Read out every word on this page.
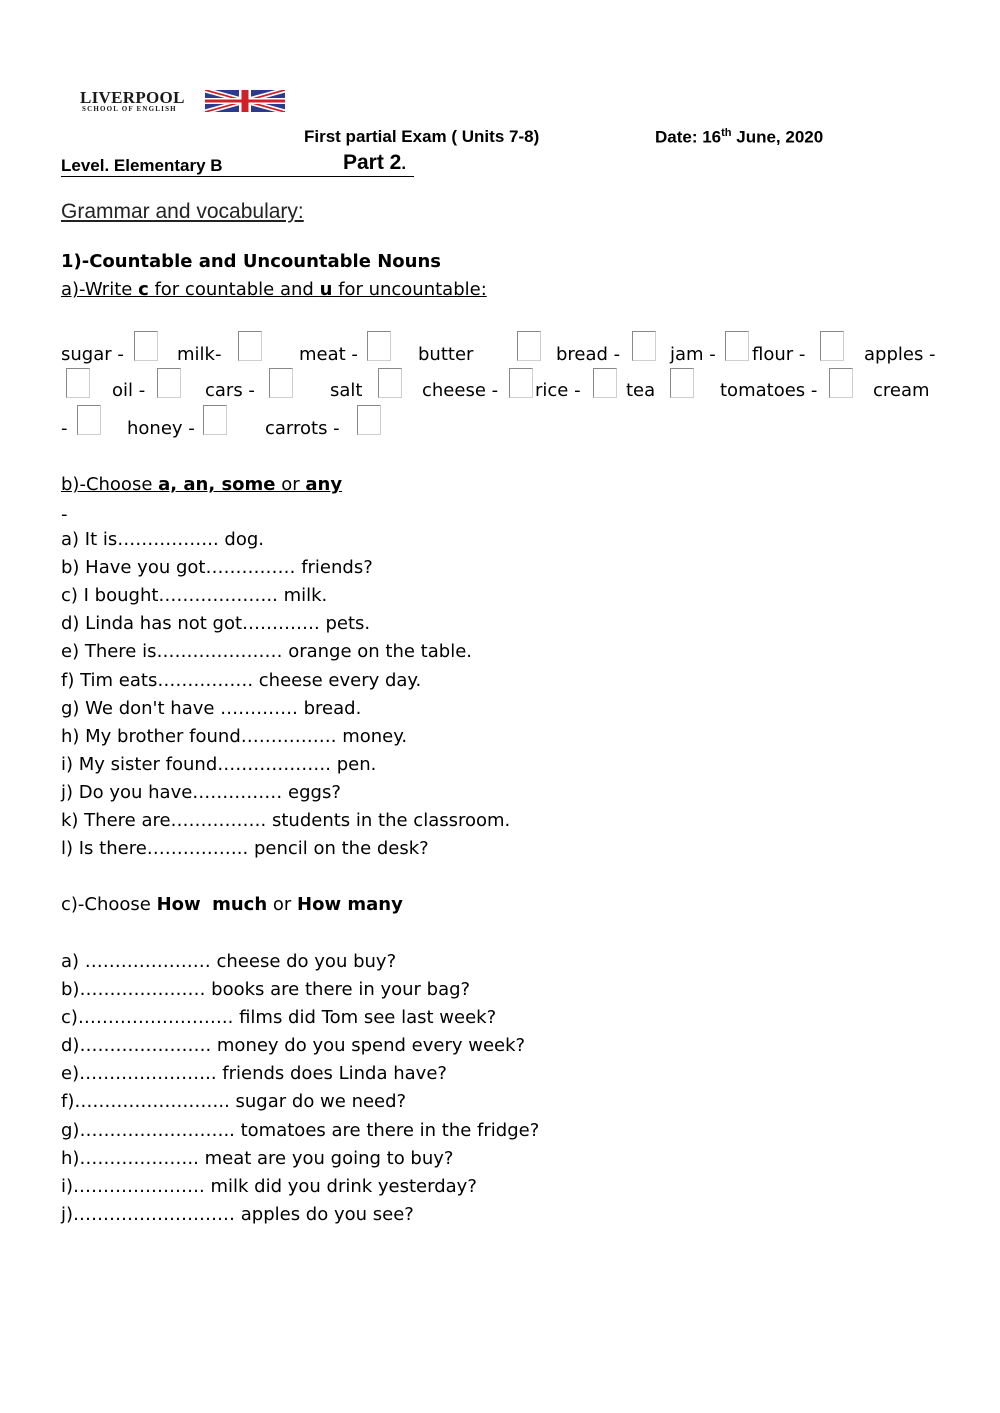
LIVERPOOL
SCHOOL OF ENGLISH
First partial Exam ( Units 7-8)	Date: 16th June, 2020
Level. Elementary B	Part 2.
Grammar and vocabulary:
1)-Countable and Uncountable Nouns
a)-Write c for countable and u for uncountable:
sugar -	milk-	meat -	butter	bread -	jam - flour -	apples -
oil -	cars -	salt	cheese - rice -	tea	tomatoes -	cream
-	honey -	carrots -
b)-Choose a, an, some or any
-
a) It is…………….. dog.
b) Have you got…………… friends?
c) I bought……………….. milk.
d) Linda has not got…………. pets.
e) There is………………… orange on the table.
f) Tim eats……………. cheese every day.
g) We don't have …………. bread.
h) My brother found……………. money.
i) My sister found………………. pen.
j) Do you have…………… eggs?
k) There are……………. students in the classroom.
l) Is there…………….. pencil on the desk?
c)-Choose How much or How many
a) ………………… cheese do you buy?
b)………………… books are there in your bag?
c)…………………….. films did Tom see last week?
d)…………………. money do you spend every week?
e)………………….. friends does Linda have?
f)…………………….. sugar do we need?
g)…………………….. tomatoes are there in the fridge?
h)……………….. meat are you going to buy?
i)…………………. milk did you drink yesterday?
j)……………………… apples do you see?
